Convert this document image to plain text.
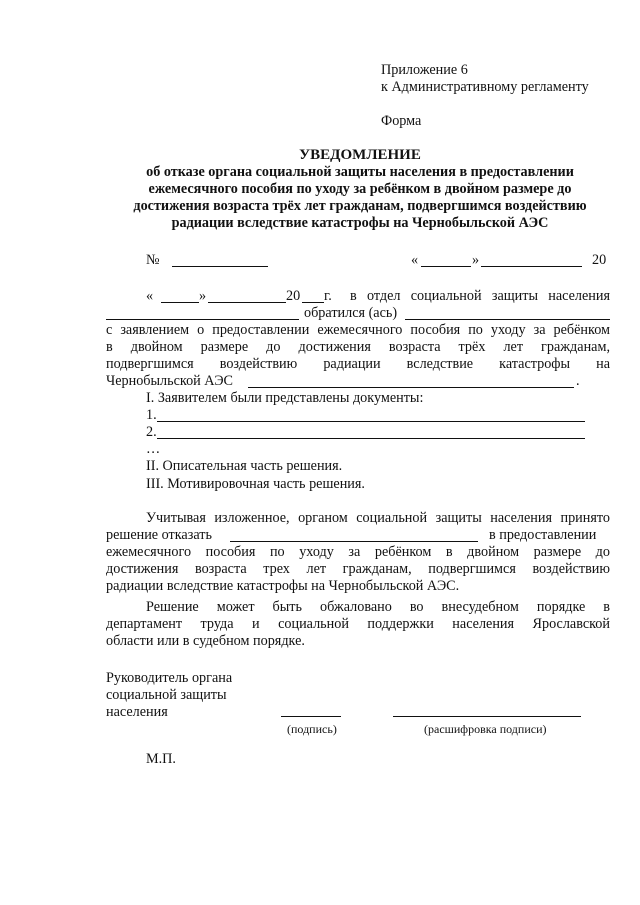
Приложение 6
к Административному регламенту
Форма
УВЕДОМЛЕНИЕ
об отказе органа социальной защиты населения в предоставлении
ежемесячного пособия по уходу за ребёнком в двойном размере до
достижения возраста трёх лет гражданам, подвергшимся воздействию
радиации вследствие катастрофы на Чернобыльской АЭС
№	«	»	20
«	»	20 г. в отдел социальной защиты населения
обратился (ась)
с заявлением о предоставлении ежемесячного пособия по уходу за ребёнком
в двойном размере до достижения возраста трёх лет гражданам,
подвергшимся воздействию радиации вследствие катастрофы на
Чернобыльской АЭС	.
I. Заявителем были представлены документы:
1.
2.
…
II. Описательная часть решения.
III. Мотивировочная часть решения.
Учитывая изложенное, органом социальной защиты населения принято
решение отказать	в предоставлении
ежемесячного пособия по уходу за ребёнком в двойном размере до
достижения возраста трех лет гражданам, подвергшимся воздействию
радиации вследствие катастрофы на Чернобыльской АЭС.
Решение может быть обжаловано во внесудебном порядке в
департамент труда и социальной поддержки населения Ярославской
области или в судебном порядке.
Руководитель органа
социальной защиты
населения
(подпись)	(расшифровка подписи)
М.П.
